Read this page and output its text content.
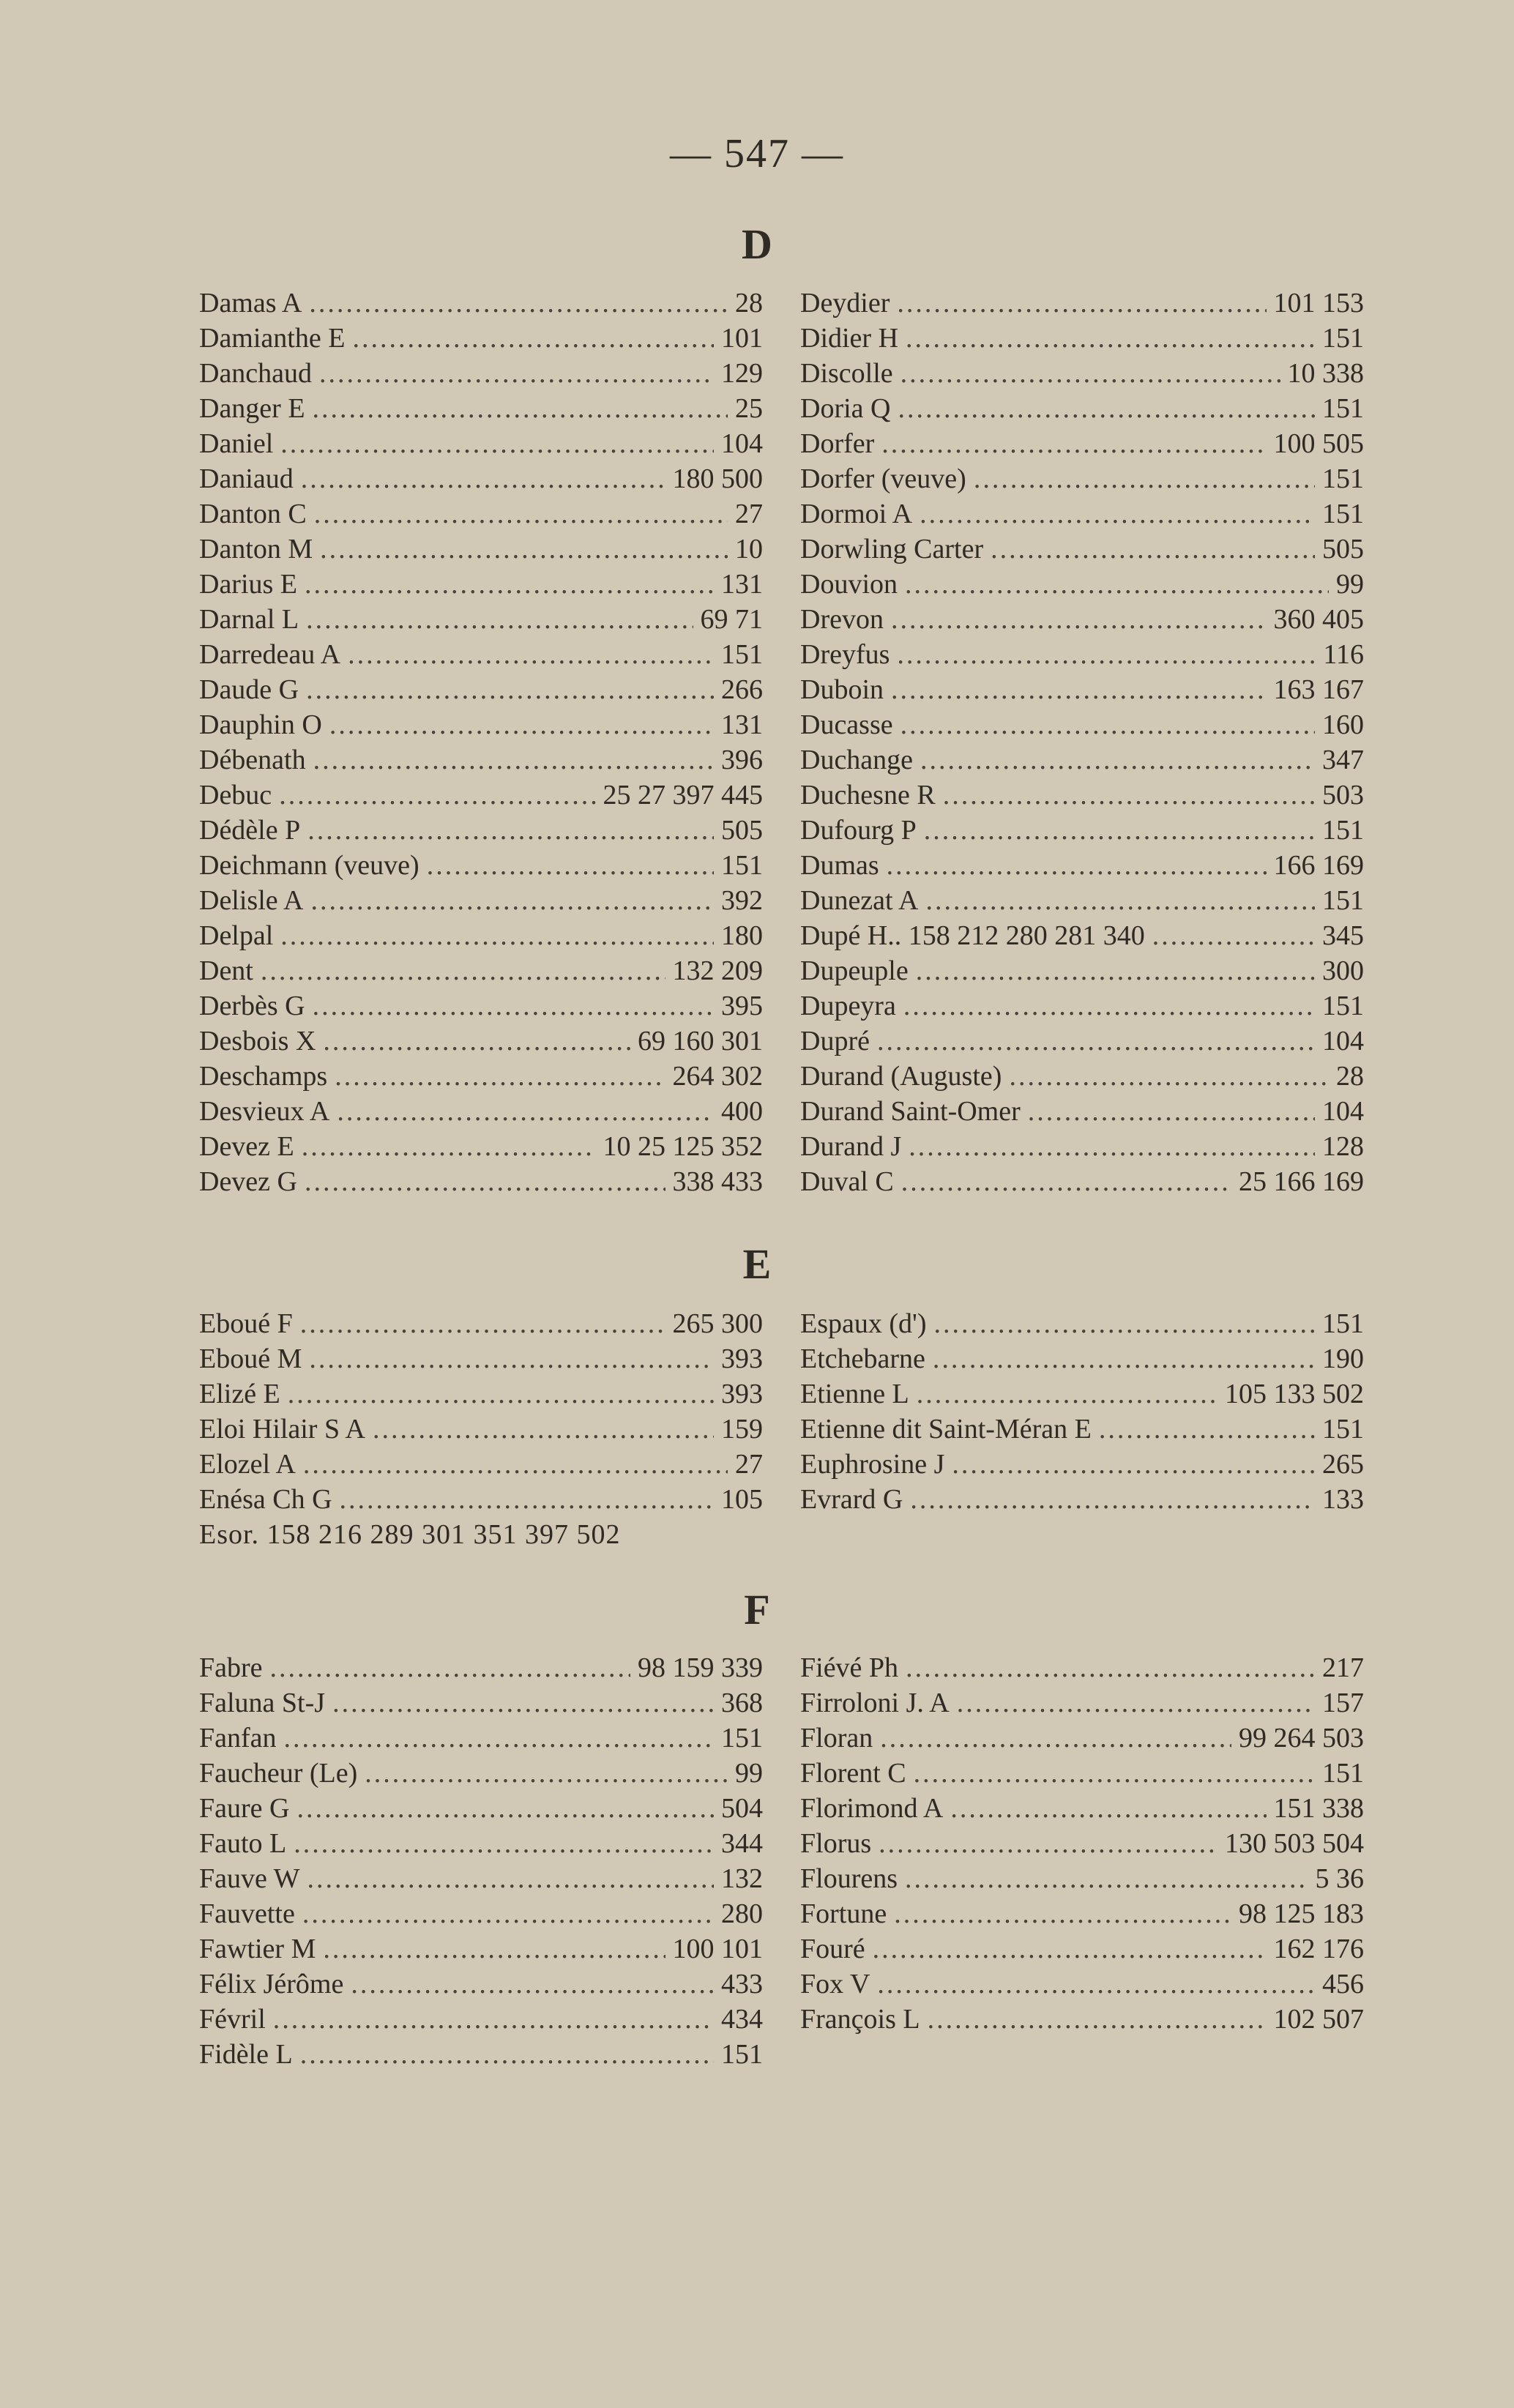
— 547 —
D
Damas A .....	28
Damianthe E .....	101
Danchaud .....	129
Danger E .....	25
Daniel .....	104
Daniaud .....	180 500
Danton C .....	27
Danton M .....	10
Darius E .....	131
Darnal L .....	69 71
Darredeau A .....	151
Daude G .....	266
Dauphin O .....	131
Débenath .....	396
Debuc .....	25 27 397 445
Dédèle P .....	505
Deichmann (veuve) .....	151
Delisle A .....	392
Delpal .....	180
Dent .....	132 209
Derbès G .....	395
Desbois X .....	69 160 301
Deschamps .....	264 302
Desvieux A .....	400
Devez E .....	10 25 125 352
Devez G .....	338 433
Deydier .....	101 153
Didier H .....	151
Discolle .....	10 338
Doria Q .....	151
Dorfer .....	100 505
Dorfer (veuve) .....	151
Dormoi A .....	151
Dorwling Carter .....	505
Douvion .....	99
Drevon .....	360 405
Dreyfus .....	116
Duboin .....	163 167
Ducasse .....	160
Duchange .....	347
Duchesne R .....	503
Dufourg P .....	151
Dumas .....	166 169
Dunezat A .....	151
Dupé H.. 158 212 280 281 340 .....	345
Dupeuple .....	300
Dupeyra .....	151
Dupré .....	104
Durand (Auguste) .....	28
Durand Saint-Omer .....	104
Durand J .....	128
Duval C .....	25 166 169
E
Eboué F .....	265 300
Eboué M .....	393
Elizé E .....	393
Eloi Hilair S A .....	159
Elozel A .....	27
Enésa Ch G .....	105
Esor. 158 216 289 301 351 397 502
Espaux (d') .....	151
Etchebarne .....	190
Etienne L .....	105 133 502
Etienne dit Saint-Méran E .....	151
Euphrosine J .....	265
Evrard G .....	133
F
Fabre .....	98 159 339
Faluna St-J .....	368
Fanfan .....	151
Faucheur (Le) .....	99
Faure G .....	504
Fauto L .....	344
Fauve W .....	132
Fauvette .....	280
Fawtier M .....	100 101
Félix Jérôme .....	433
Févril .....	434
Fidèle L .....	151
Fiévé Ph .....	217
Firroloni J. A .....	157
Floran .....	99 264 503
Florent C .....	151
Florimond A .....	151 338
Florus .....	130 503 504
Flourens .....	5 36
Fortune .....	98 125 183
Fouré .....	162 176
Fox V .....	456
François L .....	102 507
